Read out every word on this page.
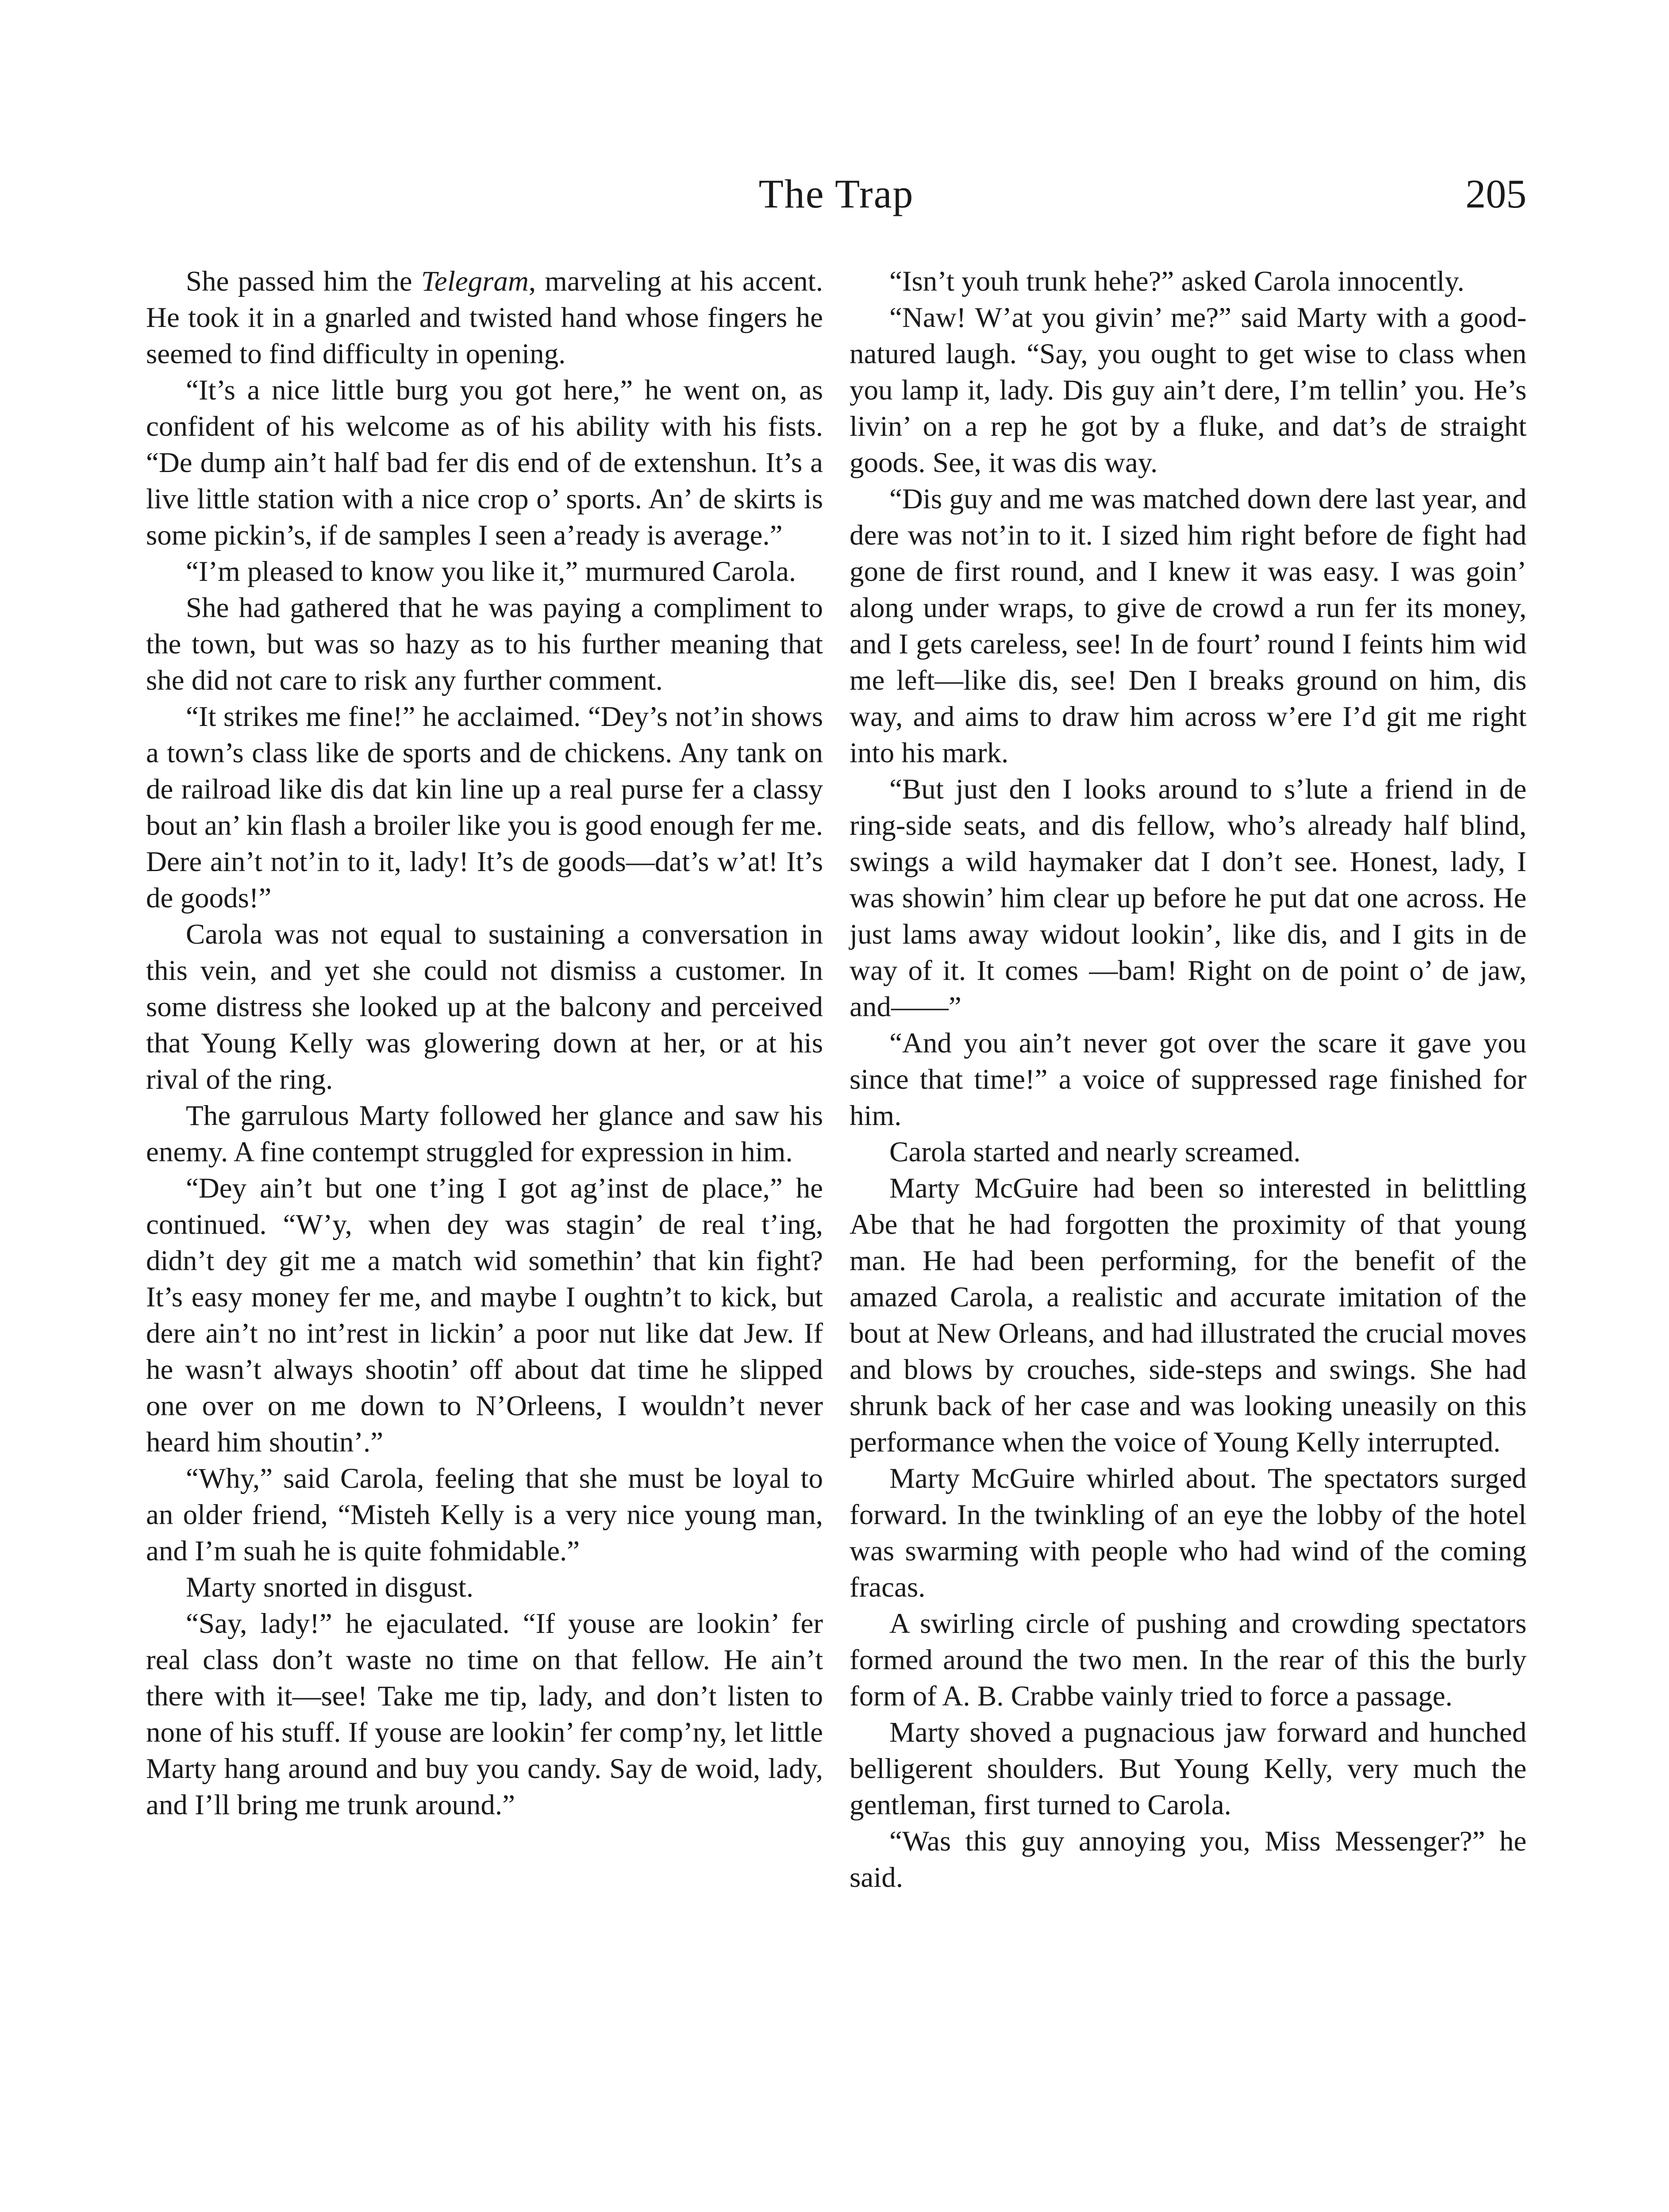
The Trap	205

She passed him the Telegram, marveling at his accent. He took it in a gnarled and twisted hand whose fingers he seemed to find difficulty in opening.

“It’s a nice little burg you got here,” he went on, as confident of his welcome as of his ability with his fists. “De dump ain’t half bad fer dis end of de extenshun. It’s a live little station with a nice crop o’ sports. An’ de skirts is some pickin’s, if de samples I seen a’ready is average.”

“I’m pleased to know you like it,” murmured Carola.

She had gathered that he was paying a compliment to the town, but was so hazy as to his further meaning that she did not care to risk any further comment.

“It strikes me fine!” he acclaimed. “Dey’s not’in shows a town’s class like de sports and de chickens. Any tank on de railroad like dis dat kin line up a real purse fer a classy bout an’ kin flash a broiler like you is good enough fer me. Dere ain’t not’in to it, lady! It’s de goods—dat’s w’at! It’s de goods!”

Carola was not equal to sustaining a conversation in this vein, and yet she could not dismiss a customer. In some distress she looked up at the balcony and perceived that Young Kelly was glowering down at her, or at his rival of the ring.

The garrulous Marty followed her glance and saw his enemy. A fine contempt struggled for expression in him.

“Dey ain’t but one t’ing I got ag’inst de place,” he continued. “W’y, when dey was stagin’ de real t’ing, didn’t dey git me a match wid somethin’ that kin fight? It’s easy money fer me, and maybe I oughtn’t to kick, but dere ain’t no int’rest in lickin’ a poor nut like dat Jew. If he wasn’t always shootin’ off about dat time he slipped one over on me down to N’Orleens, I wouldn’t never heard him shoutin’.”

“Why,” said Carola, feeling that she must be loyal to an older friend, “Misteh Kelly is a very nice young man, and I’m suah he is quite fohmidable.”

Marty snorted in disgust.

“Say, lady!” he ejaculated. “If youse are lookin’ fer real class don’t waste no time on that fellow. He ain’t there with it—see! Take me tip, lady, and don’t listen to none of his stuff. If youse are lookin’ fer comp’ny, let little Marty hang around and buy you candy. Say de woid, lady, and I’ll bring me trunk around.”

“Isn’t youh trunk hehe?” asked Carola innocently.

“Naw! W’at you givin’ me?” said Marty with a good-natured laugh. “Say, you ought to get wise to class when you lamp it, lady. Dis guy ain’t dere, I’m tellin’ you. He’s livin’ on a rep he got by a fluke, and dat’s de straight goods. See, it was dis way.

“Dis guy and me was matched down dere last year, and dere was not’in to it. I sized him right before de fight had gone de first round, and I knew it was easy. I was goin’ along under wraps, to give de crowd a run fer its money, and I gets careless, see! In de fourt’ round I feints him wid me left—like dis, see! Den I breaks ground on him, dis way, and aims to draw him across w’ere I’d git me right into his mark.

“But just den I looks around to s’lute a friend in de ring-side seats, and dis fellow, who’s already half blind, swings a wild haymaker dat I don’t see. Honest, lady, I was showin’ him clear up before he put dat one across. He just lams away widout lookin’, like dis, and I gits in de way of it. It comes —bam! Right on de point o’ de jaw, and——”

“And you ain’t never got over the scare it gave you since that time!” a voice of suppressed rage finished for him.

Carola started and nearly screamed.

Marty McGuire had been so interested in belittling Abe that he had forgotten the proximity of that young man. He had been performing, for the benefit of the amazed Carola, a realistic and accurate imitation of the bout at New Orleans, and had illustrated the crucial moves and blows by crouches, side-steps and swings. She had shrunk back of her case and was looking uneasily on this performance when the voice of Young Kelly interrupted.

Marty McGuire whirled about. The spectators surged forward. In the twinkling of an eye the lobby of the hotel was swarming with people who had wind of the coming fracas.

A swirling circle of pushing and crowding spectators formed around the two men. In the rear of this the burly form of A. B. Crabbe vainly tried to force a passage.

Marty shoved a pugnacious jaw forward and hunched belligerent shoulders. But Young Kelly, very much the gentleman, first turned to Carola.

“Was this guy annoying you, Miss Messenger?” he said.
